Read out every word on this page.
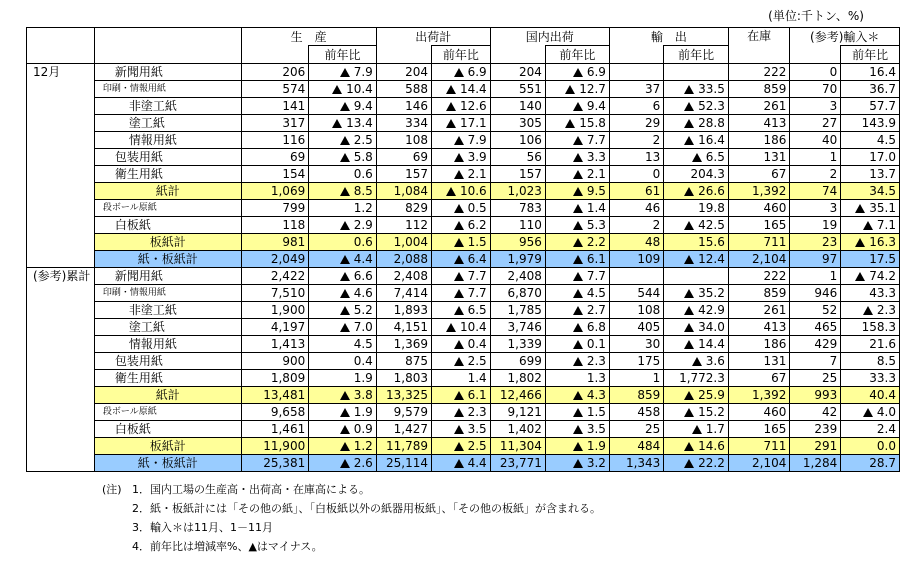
(単位:千トン、%)
		生　産		出荷計		国内出荷		輸　出		在庫	(参考)輸入＊	
			前年比		前年比		前年比		前年比			前年比
12月	新聞用紙	206	7.9	204	6.9	204	6.9			222	0	16.4
	印刷・情報用紙	574	10.4	588	14.4	551	12.7	37	33.5	859	70	36.7
	非塗工紙	141	9.4	146	12.6	140	9.4	6	52.3	261	3	57.7
	塗工紙	317	13.4	334	17.1	305	15.8	29	28.8	413	27	143.9
	情報用紙	116	2.5	108	7.9	106	7.7	2	16.4	186	40	4.5
	包装用紙	69	5.8	69	3.9	56	3.3	13	6.5	131	1	17.0
	衛生用紙	154	0.6	157	2.1	157	2.1	0	204.3	67	2	13.7
	紙計	1,069	8.5	1,084	10.6	1,023	9.5	61	26.6	1,392	74	34.5
	段ボール原紙	799	1.2	829	0.5	783	1.4	46	19.8	460	3	35.1
	白板紙	118	2.9	112	6.2	110	5.3	2	42.5	165	19	7.1
	板紙計	981	0.6	1,004	1.5	956	2.2	48	15.6	711	23	16.3
	紙・板紙計	2,049	4.4	2,088	6.4	1,979	6.1	109	12.4	2,104	97	17.5
(参考)累計	新聞用紙	2,422	6.6	2,408	7.7	2,408	7.7			222	1	74.2
	印刷・情報用紙	7,510	4.6	7,414	7.7	6,870	4.5	544	35.2	859	946	43.3
	非塗工紙	1,900	5.2	1,893	6.5	1,785	2.7	108	42.9	261	52	2.3
	塗工紙	4,197	7.0	4,151	10.4	3,746	6.8	405	34.0	413	465	158.3
	情報用紙	1,413	4.5	1,369	0.4	1,339	0.1	30	14.4	186	429	21.6
	包装用紙	900	0.4	875	2.5	699	2.3	175	3.6	131	7	8.5
	衛生用紙	1,809	1.9	1,803	1.4	1,802	1.3	1	1,772.3	67	25	33.3
	紙計	13,481	3.8	13,325	6.1	12,466	4.3	859	25.9	1,392	993	40.4
	段ボール原紙	9,658	1.9	9,579	2.3	9,121	1.5	458	15.2	460	42	4.0
	白板紙	1,461	0.9	1,427	3.5	1,402	3.5	25	1.7	165	239	2.4
	板紙計	11,900	1.2	11,789	2.5	11,304	1.9	484	14.6	711	291	0.0
	紙・板紙計	25,381	2.6	25,114	4.4	23,771	3.2	1,343	22.2	2,104	1,284	28.7
(注) 1．国内工場の生産高・出荷高・在庫高による。
2．紙・板紙計には「その他の紙」、「白板紙以外の紙器用板紙」、「その他の板紙」が含まれる。
3．輸入＊は11月、1－11月
4．前年比は増減率%、▲はマイナス。
